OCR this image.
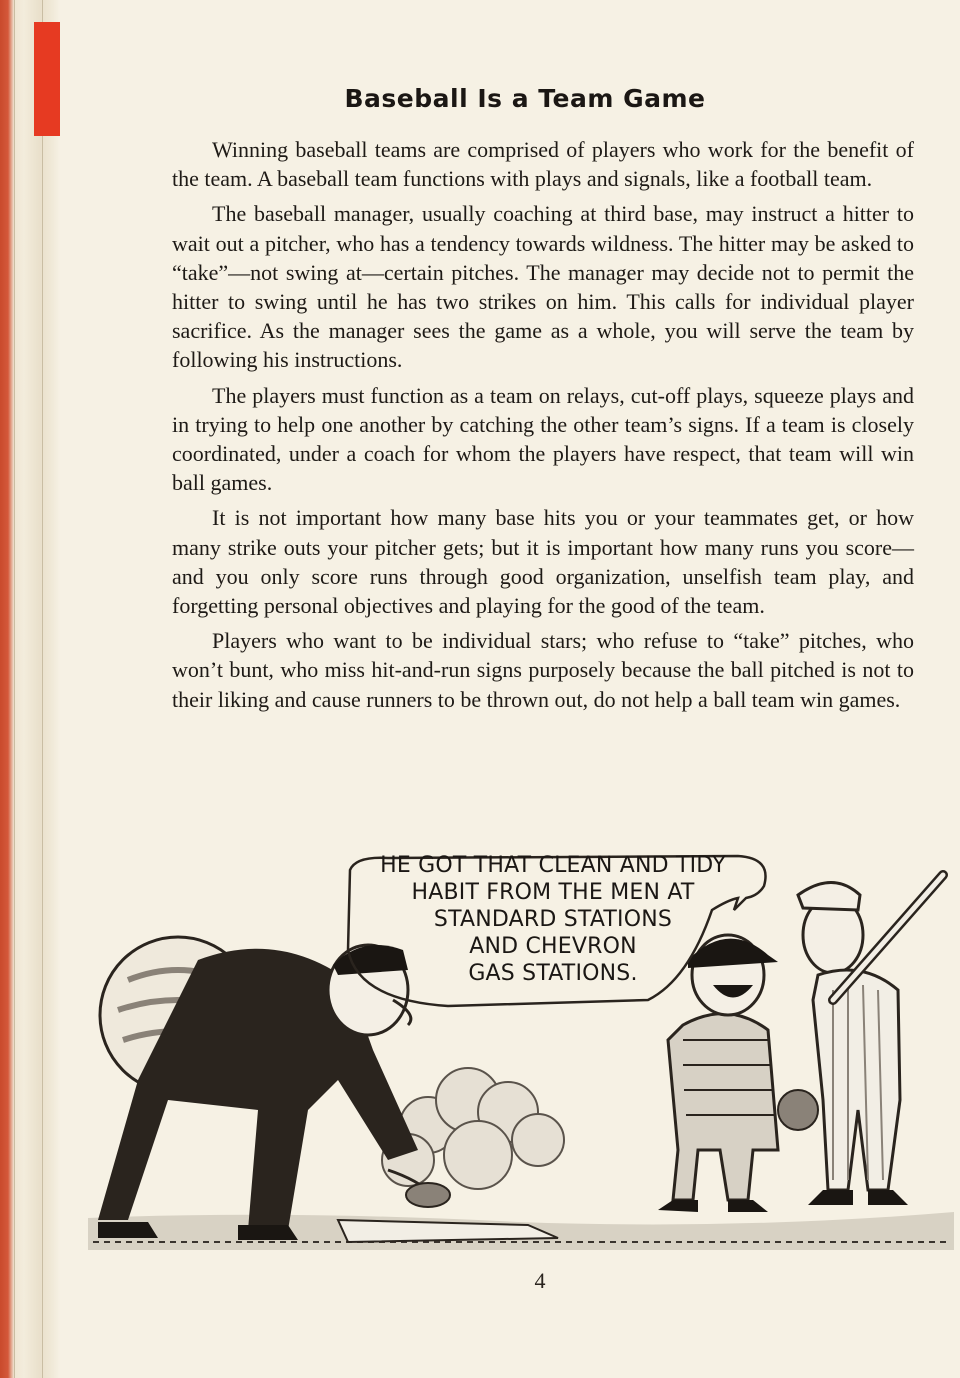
Baseball Is a Team Game

Winning baseball teams are comprised of players who work for the benefit of the team. A baseball team functions with plays and signals, like a football team.

The baseball manager, usually coaching at third base, may instruct a hitter to wait out a pitcher, who has a tendency towards wildness. The hitter may be asked to “take”—not swing at—certain pitches. The manager may decide not to permit the hitter to swing until he has two strikes on him. This calls for individual player sacrifice. As the manager sees the game as a whole, you will serve the team by following his instructions.

The players must function as a team on relays, cut-off plays, squeeze plays and in trying to help one another by catching the other team’s signs. If a team is closely coordinated, under a coach for whom the players have respect, that team will win ball games.

It is not important how many base hits you or your teammates get, or how many strike outs your pitcher gets; but it is important how many runs you score—and you only score runs through good organization, unselfish team play, and forgetting personal objectives and playing for the good of the team.

Players who want to be individual stars; who refuse to “take” pitches, who won’t bunt, who miss hit-and-run signs purposely because the ball pitched is not to their liking and cause runners to be thrown out, do not help a ball team win games.

HE GOT THAT CLEAN AND TIDY
HABIT FROM THE MEN AT
STANDARD STATIONS
AND CHEVRON
GAS STATIONS.
4
